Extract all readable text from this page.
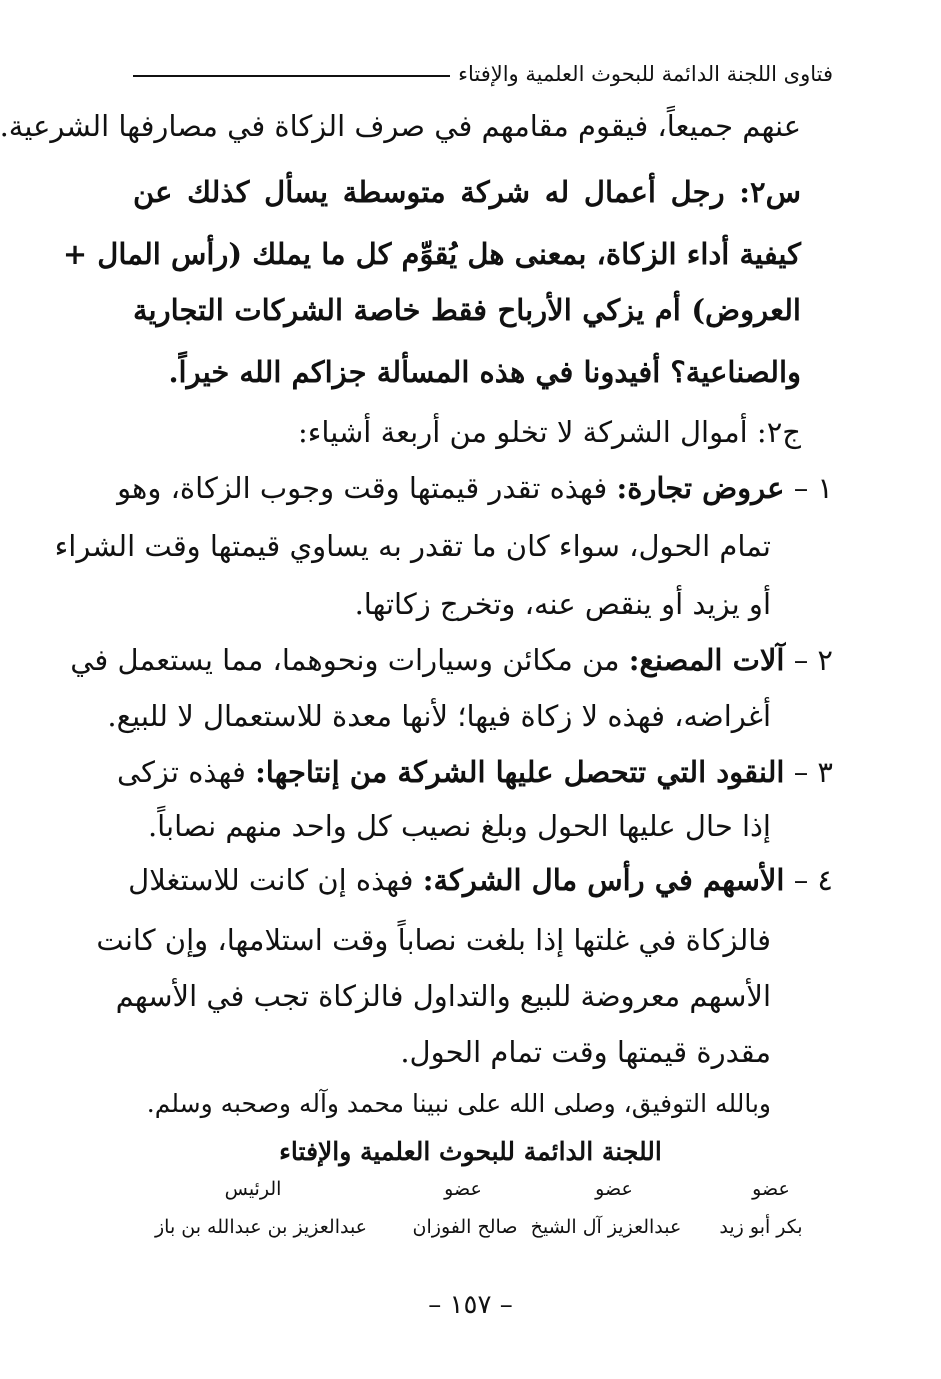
فتاوى اللجنة الدائمة للبحوث العلمية والإفتاء
عنهم جميعاً، فيقوم مقامهم في صرف الزكاة في مصارفها الشرعية.
س٢: رجل أعمال له شركة متوسطة يسأل كذلك عن
كيفية أداء الزكاة، بمعنى هل يُقوِّم كل ما يملك (رأس المال +
العروض) أم يزكي الأرباح فقط خاصة الشركات التجارية
والصناعية؟ أفيدونا في هذه المسألة جزاكم الله خيراً.
ج٢: أموال الشركة لا تخلو من أربعة أشياء:
١ – عروض تجارة: فهذه تقدر قيمتها وقت وجوب الزكاة، وهو
تمام الحول، سواء كان ما تقدر به يساوي قيمتها وقت الشراء
أو يزيد أو ينقص عنه، وتخرج زكاتها.
٢ – آلات المصنع: من مكائن وسيارات ونحوهما، مما يستعمل في
أغراضه، فهذه لا زكاة فيها؛ لأنها معدة للاستعمال لا للبيع.
٣ – النقود التي تتحصل عليها الشركة من إنتاجها: فهذه تزكى
إذا حال عليها الحول وبلغ نصيب كل واحد منهم نصاباً.
٤ – الأسهم في رأس مال الشركة: فهذه إن كانت للاستغلال
فالزكاة في غلتها إذا بلغت نصاباً وقت استلامها، وإن كانت
الأسهم معروضة للبيع والتداول فالزكاة تجب في الأسهم
مقدرة قيمتها وقت تمام الحول.
وبالله التوفيق، وصلى الله على نبينا محمد وآله وصحبه وسلم.
اللجنة الدائمة للبحوث العلمية والإفتاء
عضو
عضو
عضو
الرئيس
بكر أبو زيد
عبدالعزيز آل الشيخ
صالح الفوزان
عبدالعزيز بن عبدالله بن باز
– ١٥٧ –
